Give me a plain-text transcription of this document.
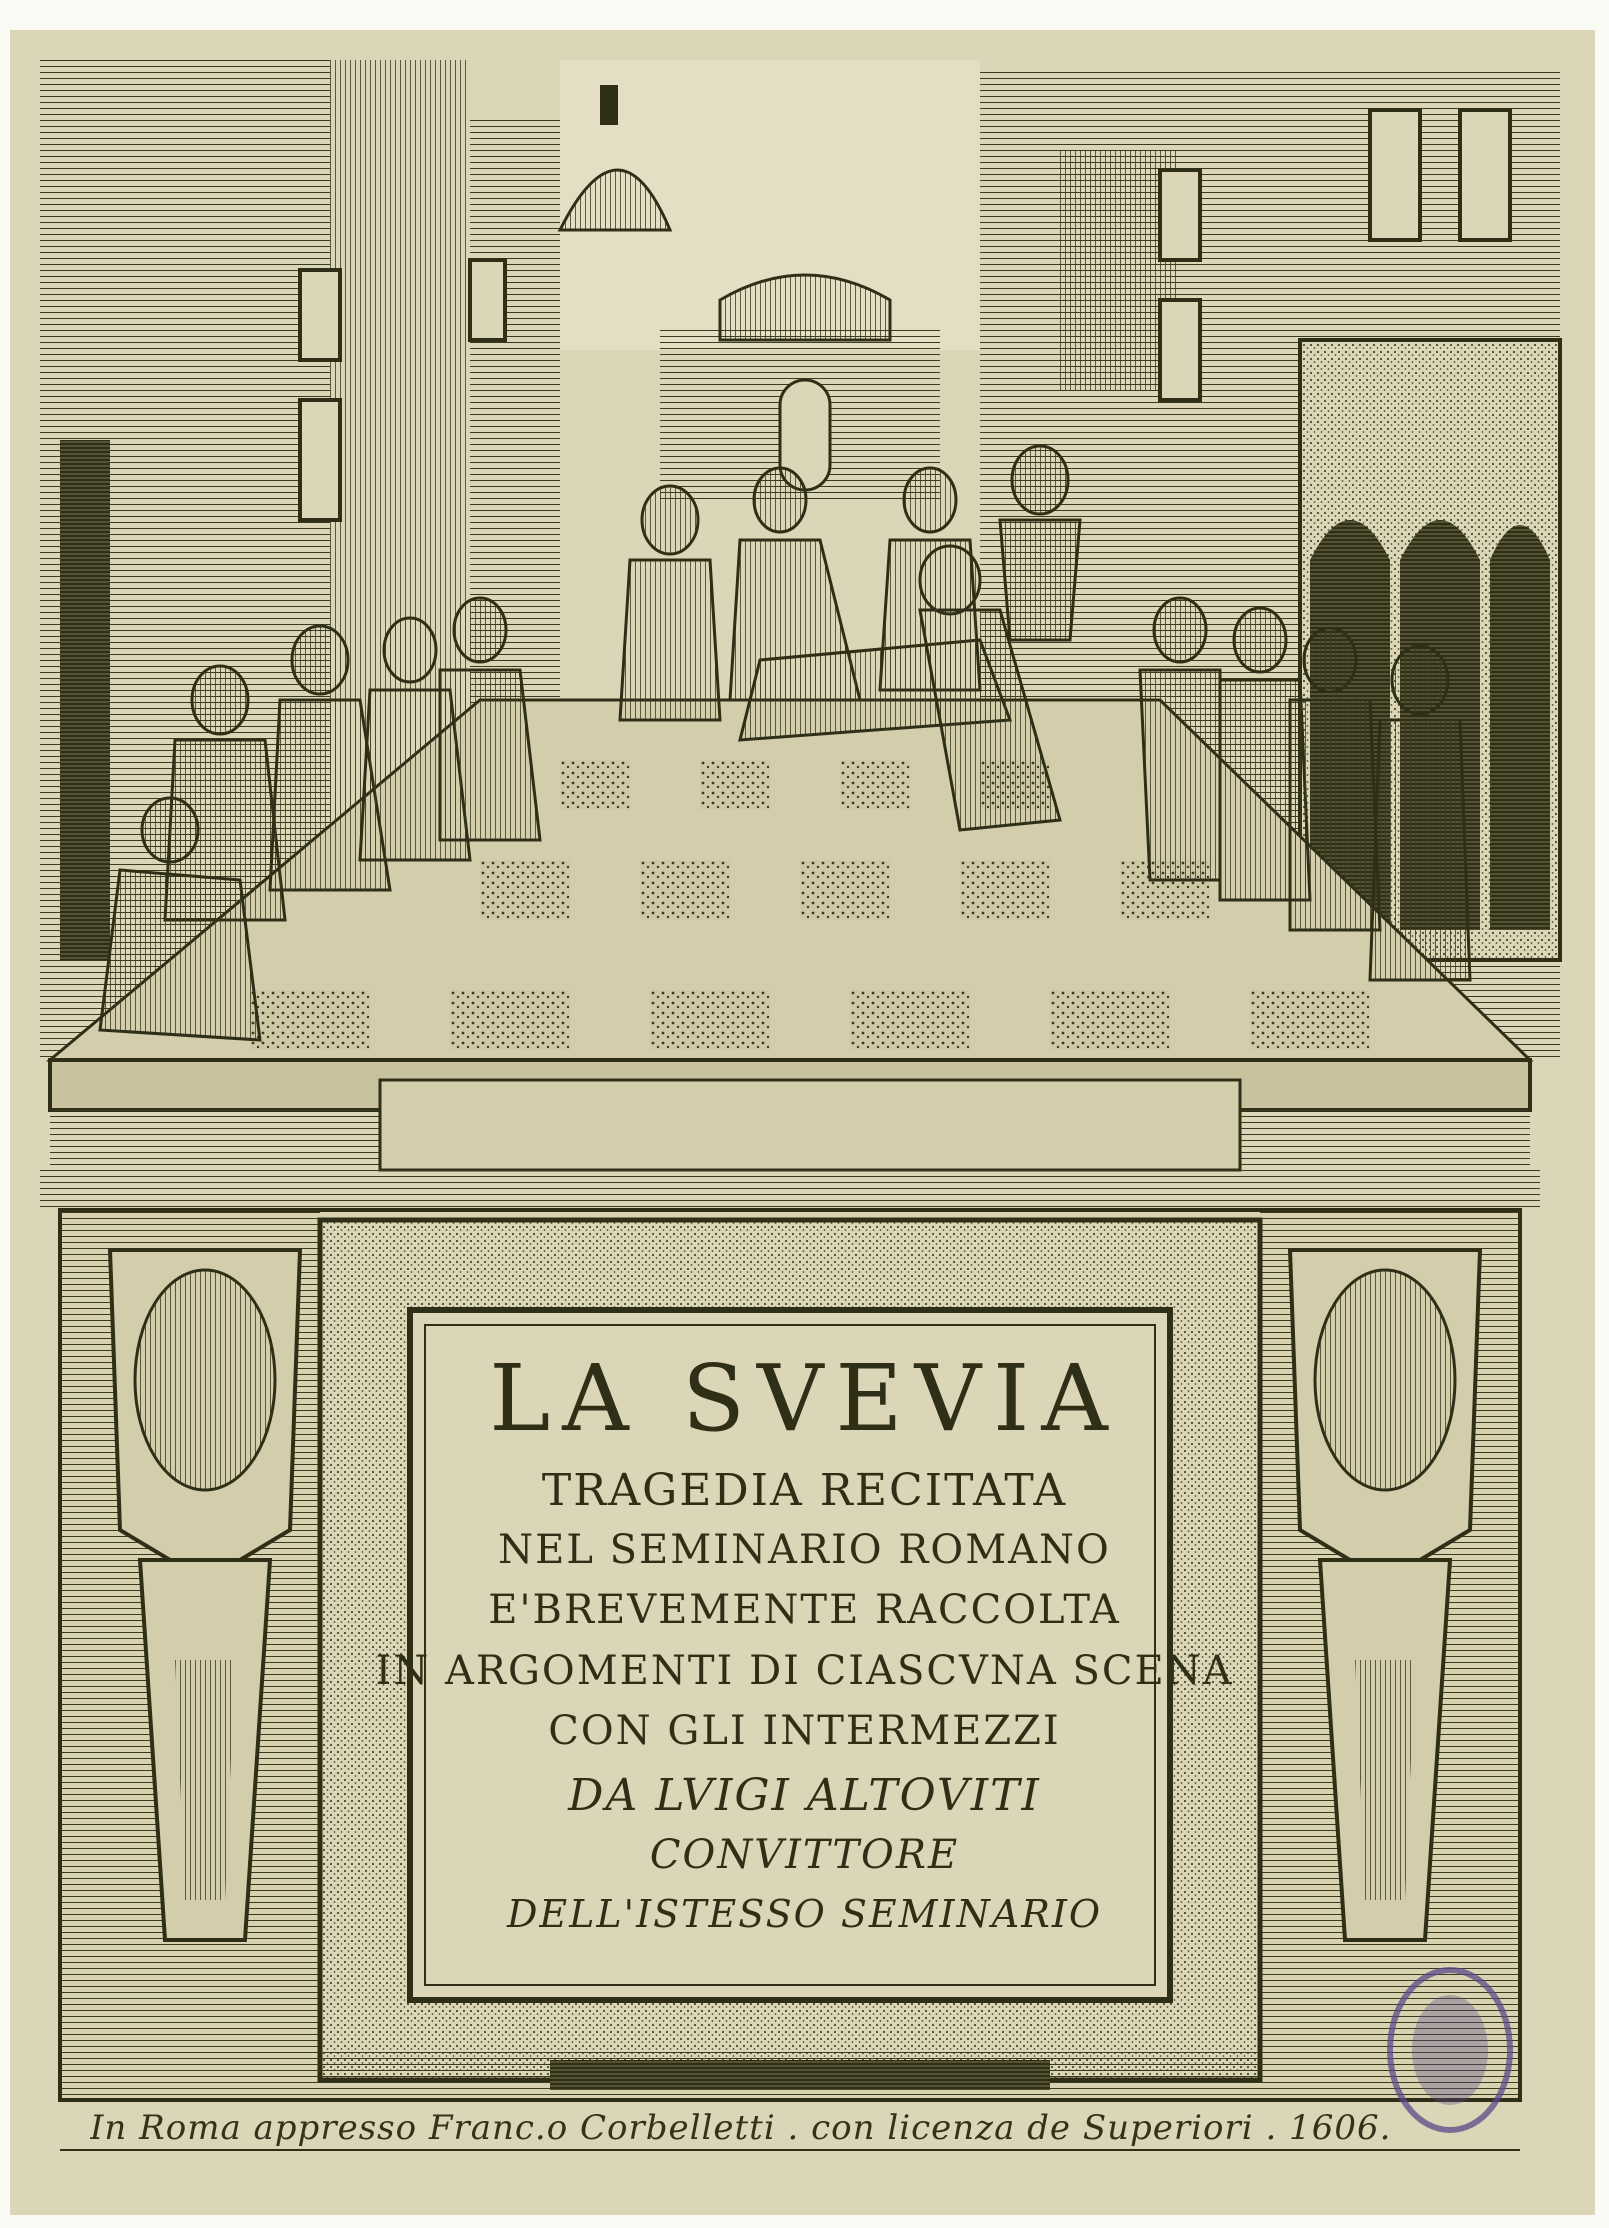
LA SVEVIA
TRAGEDIA RECITATA
NEL SEMINARIO ROMANO
E'BREVEMENTE RACCOLTA
IN ARGOMENTI DI CIASCVNA SCENA
CON GLI INTERMEZZI
DA LVIGI ALTOVITI
CONVITTORE
DELL'ISTESSO SEMINARIO
In Roma appresso Franc.o Corbelletti . con licenza de Superiori . 1606.
